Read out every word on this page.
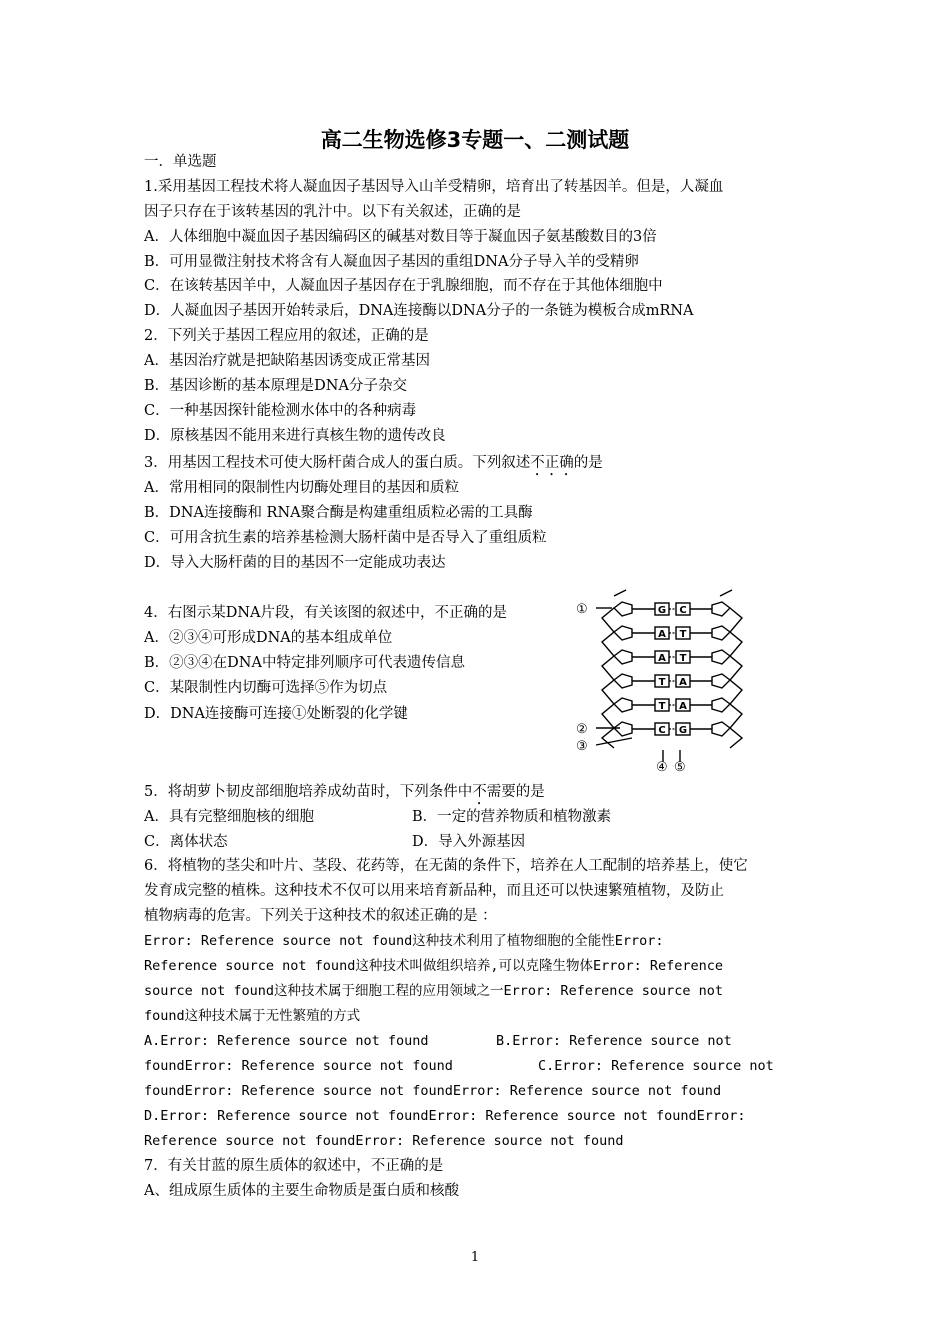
高二生物选修3专题一、二测试题
一．单选题
1.采用基因工程技术将人凝血因子基因导入山羊受精卵，培育出了转基因羊。但是，人凝血
因子只存在于该转基因的乳汁中。以下有关叙述，正确的是
A．人体细胞中凝血因子基因编码区的碱基对数目等于凝血因子氨基酸数目的3倍
B．可用显微注射技术将含有人凝血因子基因的重组DNA分子导入羊的受精卵
C．在该转基因羊中，人凝血因子基因存在于乳腺细胞，而不存在于其他体细胞中
D．人凝血因子基因开始转录后，DNA连接酶以DNA分子的一条链为模板合成mRNA
2．下列关于基因工程应用的叙述，正确的是
A．基因治疗就是把缺陷基因诱变成正常基因
B．基因诊断的基本原理是DNA分子杂交
C．一种基因探针能检测水体中的各种病毒
D．原核基因不能用来进行真核生物的遗传改良
3．用基因工程技术可使大肠杆菌合成人的蛋白质。下列叙述不正确的是
A．常用相同的限制性内切酶处理目的基因和质粒
B．DNA连接酶和 RNA聚合酶是构建重组质粒必需的工具酶
C．可用含抗生素的培养基检测大肠杆菌中是否导入了重组质粒
D．导入大肠杆菌的目的基因不一定能成功表达
4．右图示某DNA片段，有关该图的叙述中，不正确的是
A．②③④可形成DNA的基本组成单位
B．②③④在DNA中特定排列顺序可代表遗传信息
C．某限制性内切酶可选择⑤作为切点
D．DNA连接酶可连接①处断裂的化学键
G C
A T
A T
T A
T A
C G
①
②
③
④ ⑤
5．将胡萝卜韧皮部细胞培养成幼苗时，下列条件中不需要的是
A．具有完整细胞核的细胞	B．一定的营养物质和植物激素
C．离体状态	D．导入外源基因
6．将植物的茎尖和叶片、茎段、花药等，在无菌的条件下，培养在人工配制的培养基上，使它
发育成完整的植株。这种技术不仅可以用来培育新品种，而且还可以快速繁殖植物，及防止
植物病毒的危害。下列关于这种技术的叙述正确的是 ：
Error: Reference source not found这种技术利用了植物细胞的全能性Error:
Reference source not found这种技术叫做组织培养,可以克隆生物体Error: Reference
source not found这种技术属于细胞工程的应用领域之一Error: Reference source not
found这种技术属于无性繁殖的方式
A.Error: Reference source not found	B.Error: Reference source not
foundError: Reference source not found	C.Error: Reference source not
foundError: Reference source not foundError: Reference source not found
D.Error: Reference source not foundError: Reference source not foundError:
Reference source not foundError: Reference source not found
7．有关甘蓝的原生质体的叙述中，不正确的是
A、组成原生质体的主要生命物质是蛋白质和核酸
1
